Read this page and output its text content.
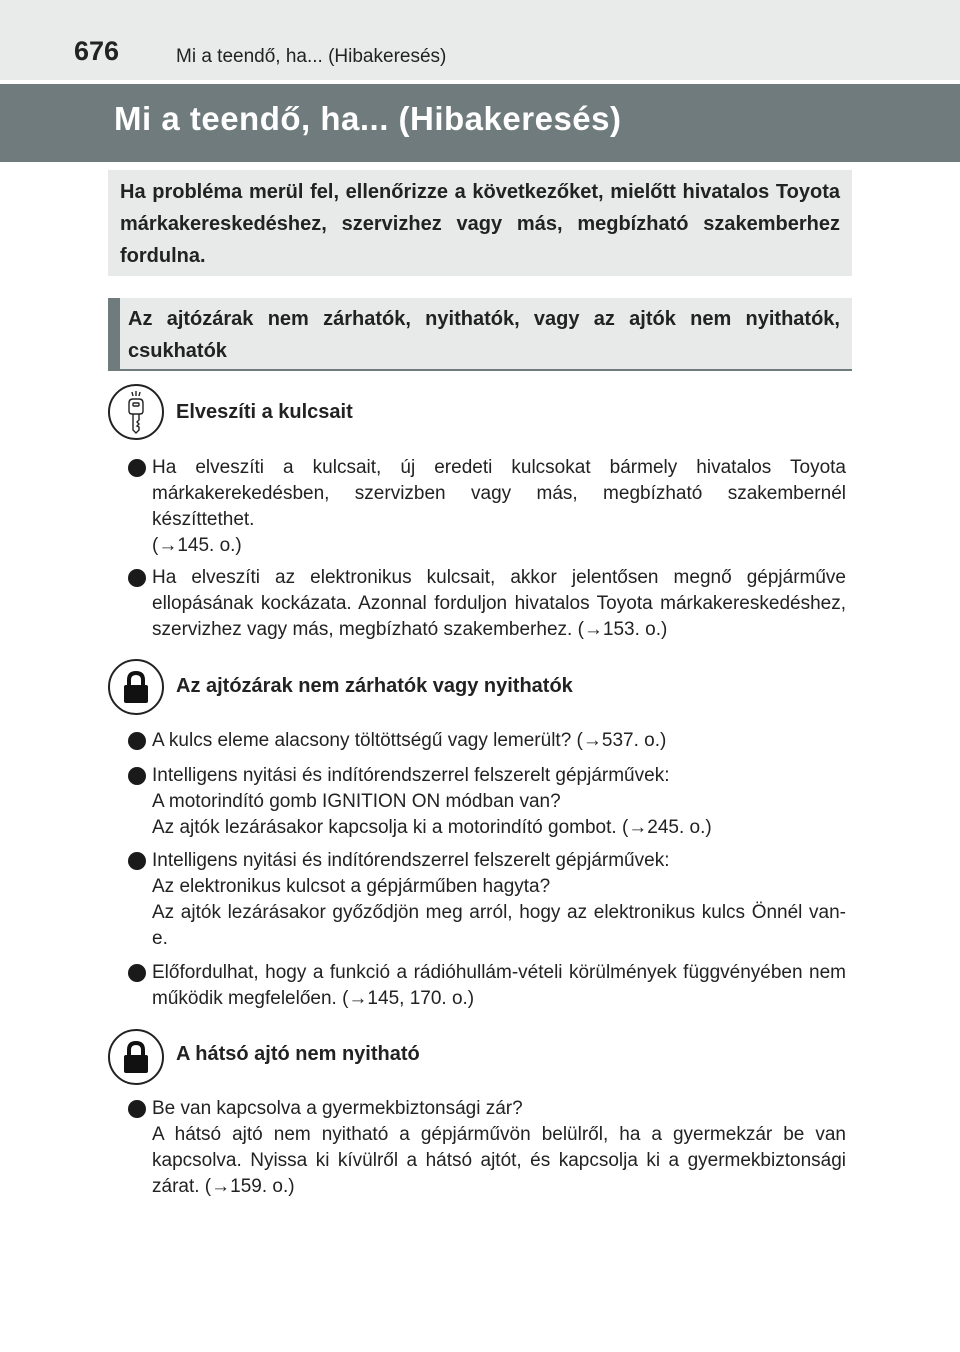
676	Mi a teendő, ha... (Hibakeresés)
Mi a teendő, ha... (Hibakeresés)
Ha probléma merül fel, ellenőrizze a következőket, mielőtt hivatalos Toyota márkakereskedéshez, szervizhez vagy más, megbízható szakemberhez fordulna.
Az ajtózárak nem zárhatók, nyithatók, vagy az ajtók nem nyithatók, csukhatók
Elveszíti a kulcsait
Ha elveszíti a kulcsait, új eredeti kulcsokat bármely hivatalos Toyota márkakerekedésben, szervizben vagy más, megbízható szakembernél készíttethet.
(→145. o.)
Ha elveszíti az elektronikus kulcsait, akkor jelentősen megnő gépjárműve ellopásának kockázata. Azonnal forduljon hivatalos Toyota márkakereskedéshez, szervizhez vagy más, megbízható szakemberhez. (→153. o.)
Az ajtózárak nem zárhatók vagy nyithatók
A kulcs eleme alacsony töltöttségű vagy lemerült? (→537. o.)
Intelligens nyitási és indítórendszerrel felszerelt gépjárművek:
A motorindító gomb IGNITION ON módban van?
Az ajtók lezárásakor kapcsolja ki a motorindító gombot. (→245. o.)
Intelligens nyitási és indítórendszerrel felszerelt gépjárművek:
Az elektronikus kulcsot a gépjárműben hagyta?
Az ajtók lezárásakor győződjön meg arról, hogy az elektronikus kulcs Önnél van-e.
Előfordulhat, hogy a funkció a rádióhullám-vételi körülmények függvényében nem működik megfelelően. (→145, 170. o.)
A hátsó ajtó nem nyitható
Be van kapcsolva a gyermekbiztonsági zár?
A hátsó ajtó nem nyitható a gépjárművön belülről, ha a gyermekzár be van kapcsolva. Nyissa ki kívülről a hátsó ajtót, és kapcsolja ki a gyermekbiztonsági zárat. (→159. o.)
